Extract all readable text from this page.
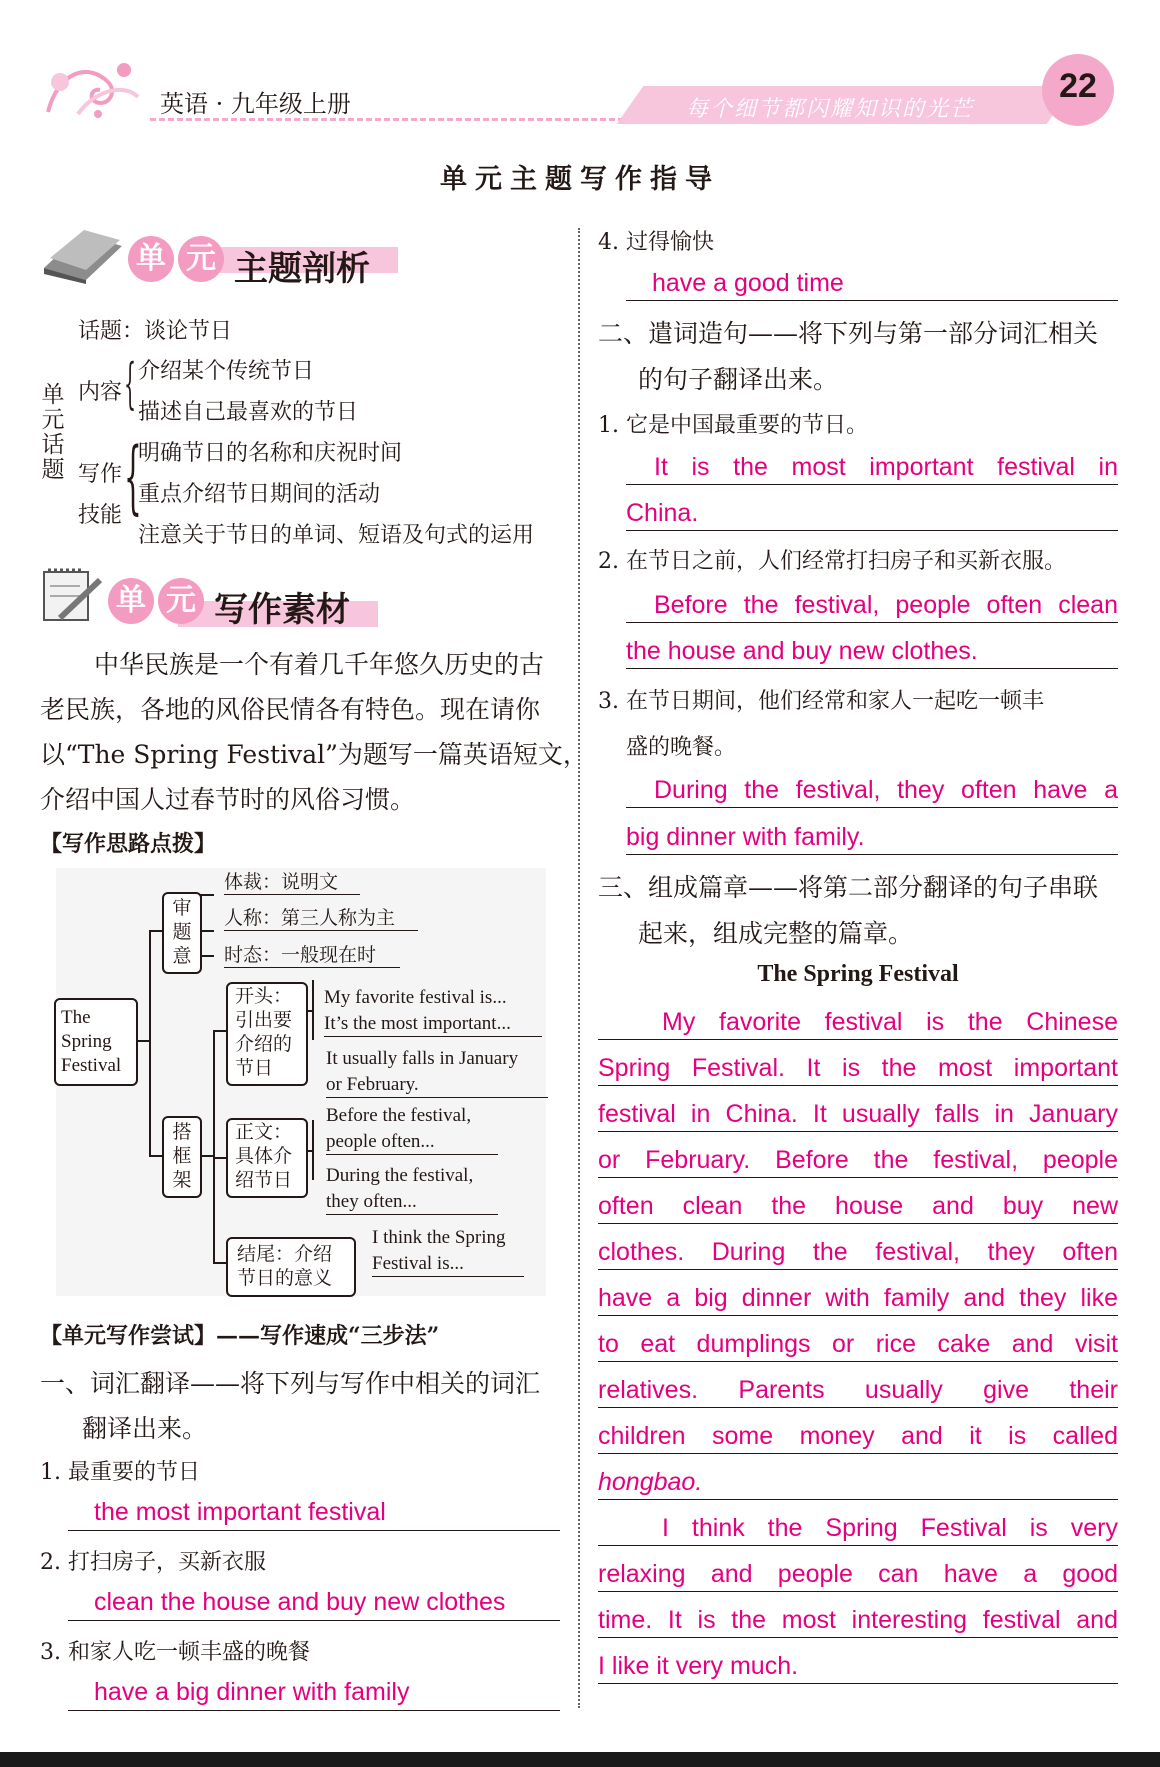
英语 · 九年级上册	每个细节都闪耀知识的光芒
22
单元主题写作指导
单 元 主题剖析
话题：谈论节日
单元话题
内容 { 介绍某个传统节日
描述自己最喜欢的节日
写作
技能 {
明确节日的名称和庆祝时间
重点介绍节日期间的活动
注意关于节日的单词、短语及句式的运用
单 元 写作素材
中华民族是一个有着几千年悠久历史的古
老民族，各地的风俗民情各有特色。现在请你
以“The Spring Festival”为题写一篇英语短文，
介绍中国人过春节时的风俗习惯。
【写作思路点拨】
The
Spring
Festival
审
题
意
体裁：说明文
人称：第三人称为主
时态：一般现在时
搭
框
架
开头：
引出要
介绍的
节日
My favorite festival is...
It’s the most important...
It usually falls in January
or February.
正文：
具体介
绍节日
Before the festival,
people often...
During the festival,
they often...
结尾：介绍
节日的意义
I think the Spring
Festival is...
【单元写作尝试】——写作速成“三步法”
一、词汇翻译——将下列与写作中相关的词汇
翻译出来。
1. 最重要的节日
the most important festival
2. 打扫房子，买新衣服
clean the house and buy new clothes
3. 和家人吃一顿丰盛的晚餐
have a big dinner with family
4. 过得愉快
have a good time
二、遣词造句——将下列与第一部分词汇相关
的句子翻译出来。
1. 它是中国最重要的节日。
It is the most important festival in
China.
2. 在节日之前，人们经常打扫房子和买新衣服。
Before the festival, people often clean
the house and buy new clothes.
3. 在节日期间，他们经常和家人一起吃一顿丰
盛的晚餐。
During the festival, they often have a
big dinner with family.
三、组成篇章——将第二部分翻译的句子串联
起来，组成完整的篇章。
The Spring Festival
My favorite festival is the Chinese
Spring Festival. It is the most important
festival in China. It usually falls in January
or February. Before the festival, people
often clean the house and buy new
clothes. During the festival, they often
have a big dinner with family and they like
to eat dumplings or rice cake and visit
relatives. Parents usually give their
children some money and it is called
hongbao.
I think the Spring Festival is very
relaxing and people can have a good
time. It is the most interesting festival and
I like it very much.
